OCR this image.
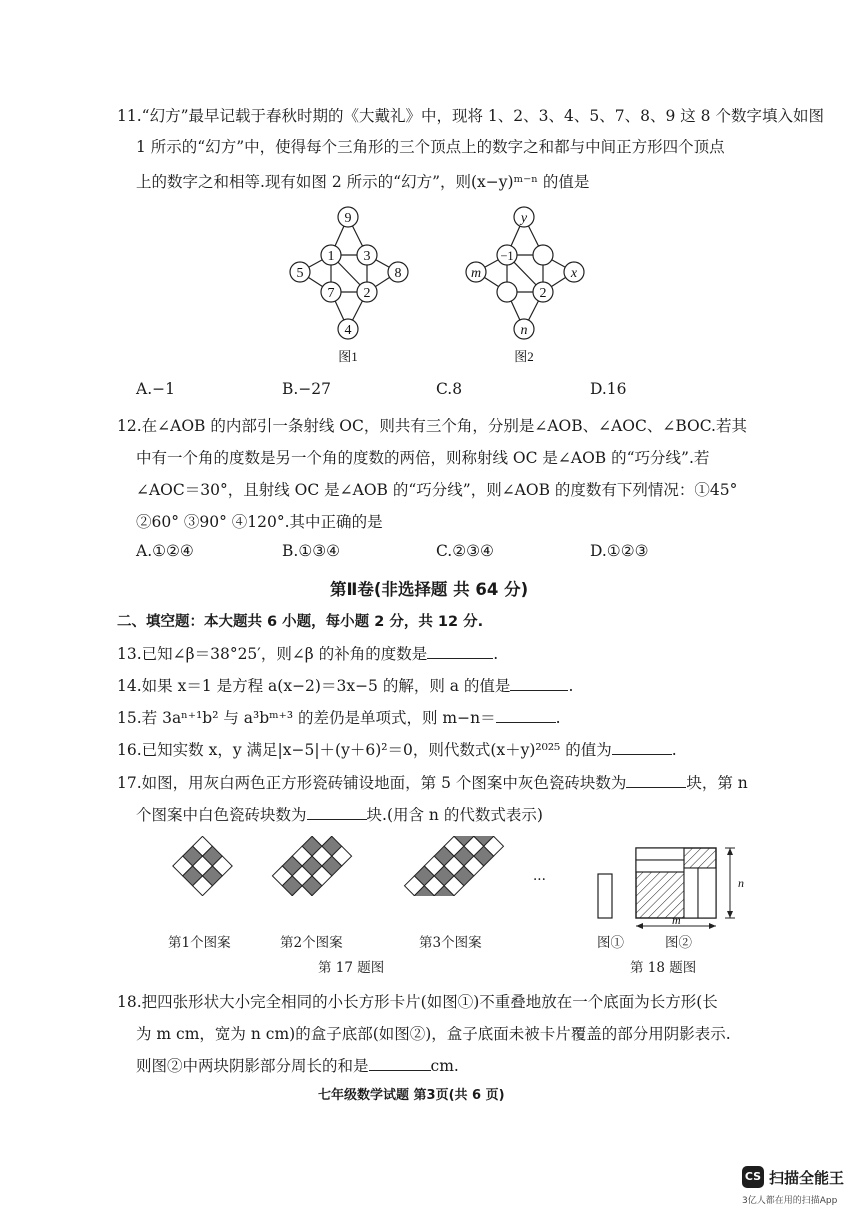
11.“幻方”最早记载于春秋时期的《大戴礼》中，现将 1、2、3、4、5、7、8、9 这 8 个数字填入如图
1 所示的“幻方”中，使得每个三角形的三个顶点上的数字之和都与中间正方形四个顶点
上的数字之和相等.现有如图 2 所示的“幻方”，则(x−y)ᵐ⁻ⁿ 的值是
9
1 3
5	8
7 2
4
图1
y
−1
m	x
2
n
图2
A.−1	B.−27	C.8	D.16
12.在∠AOB 的内部引一条射线 OC，则共有三个角，分别是∠AOB、∠AOC、∠BOC.若其
中有一个角的度数是另一个角的度数的两倍，则称射线 OC 是∠AOB 的“巧分线”.若
∠AOC＝30°，且射线 OC 是∠AOB 的“巧分线”，则∠AOB 的度数有下列情况：①45°
②60° ③90° ④120°.其中正确的是
A.①②④	B.①③④	C.②③④	D.①②③
第Ⅱ卷(非选择题 共 64 分)
二、填空题：本大题共 6 小题，每小题 2 分，共 12 分.
13.已知∠β＝38°25′，则∠β 的补角的度数是	.
14.如果 x＝1 是方程 a(x−2)＝3x−5 的解，则 a 的值是	.
15.若 3aⁿ⁺¹b² 与 a³bᵐ⁺³ 的差仍是单项式，则 m−n＝	.
16.已知实数 x，y 满足|x−5|＋(y＋6)²＝0，则代数式(x＋y)²⁰²⁵ 的值为	.
17.如图，用灰白两色正方形瓷砖铺设地面，第 5 个图案中灰色瓷砖块数为	块，第 n
个图案中白色瓷砖块数为	块.(用含 n 的代数式表示)
···
第1个图案	第2个图案	第3个图案
第 17 题图
n
m
图①	图②
第 18 题图
18.把四张形状大小完全相同的小长方形卡片(如图①)不重叠地放在一个底面为长方形(长
为 m cm，宽为 n cm)的盒子底部(如图②)，盒子底面未被卡片覆盖的部分用阴影表示.
则图②中两块阴影部分周长的和是	cm.
七年级数学试题 第3页(共 6 页)
CS 扫描全能王
3亿人都在用的扫描App
